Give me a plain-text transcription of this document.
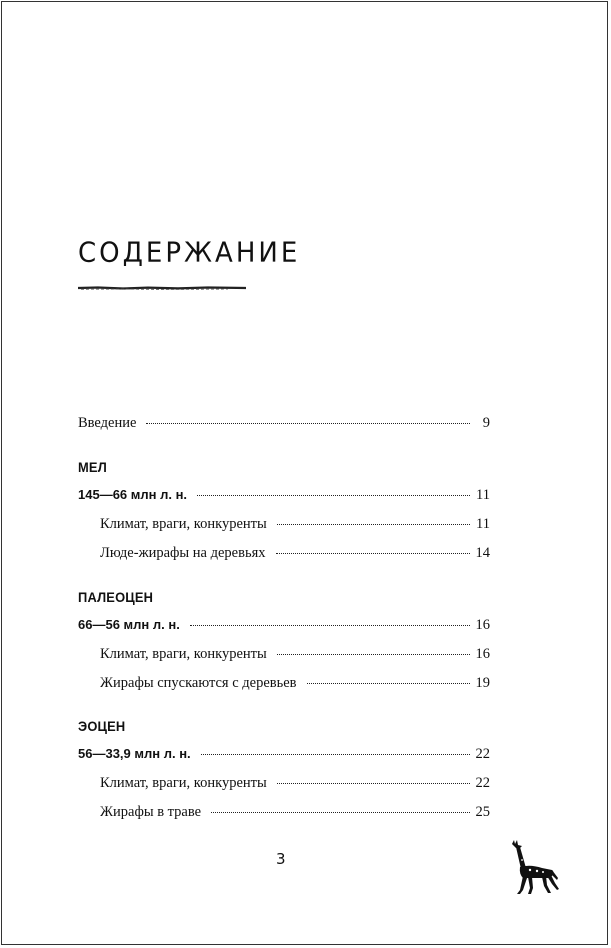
СОДЕРЖАНИЕ
Введение	9
МЕЛ
145—66 млн л. н.	11
Климат, враги, конкуренты	11
Люде-жирафы на деревьях	14
ПАЛЕОЦЕН
66—56 млн л. н.	16
Климат, враги, конкуренты	16
Жирафы спускаются с деревьев	19
ЭОЦЕН
56—33,9 млн л. н.	22
Климат, враги, конкуренты	22
Жирафы в траве	25
3
